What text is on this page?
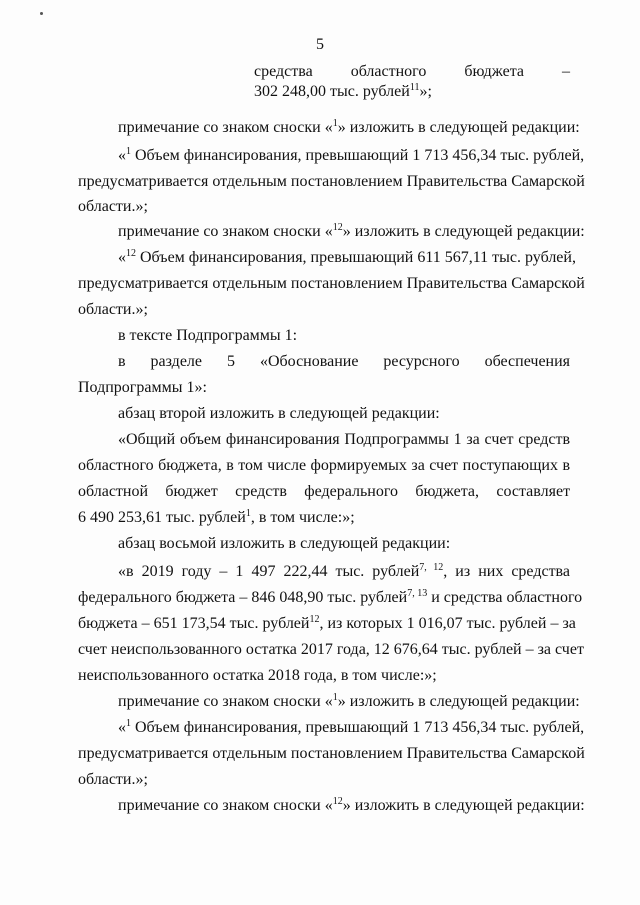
5
средства областного бюджета –
302 248,00 тыс. рублей$^{11}$»;
примечание со знаком сноски «$^1$» изложить в следующей редакции:
«$^1$ Объем финансирования, превышающий 1 713 456,34 тыс. рублей,
предусматривается отдельным постановлением Правительства Самарской
области.»;
примечание со знаком сноски «$^{12}$» изложить в следующей редакции:
«$^{12}$ Объем финансирования, превышающий 611 567,11 тыс. рублей,
предусматривается отдельным постановлением Правительства Самарской
области.»;
в тексте Подпрограммы 1:
в разделе 5 «Обоснование ресурсного обеспечения
Подпрограммы 1»:
абзац второй изложить в следующей редакции:
«Общий объем финансирования Подпрограммы 1 за счет средств
областного бюджета, в том числе формируемых за счет поступающих в
областной бюджет средств федерального бюджета, составляет
6 490 253,61 тыс. рублей$^1$, в том числе:»;
абзац восьмой изложить в следующей редакции:
«в 2019 году – 1 497 222,44 тыс. рублей$^{7, 12}$, из них средства
федерального бюджета – 846 048,90 тыс. рублей$^{7, 13}$ и средства областного
бюджета – 651 173,54 тыс. рублей$^{12}$, из которых 1 016,07 тыс. рублей – за
счет неиспользованного остатка 2017 года, 12 676,64 тыс. рублей – за счет
неиспользованного остатка 2018 года, в том числе:»;
примечание со знаком сноски «$^1$» изложить в следующей редакции:
«$^1$ Объем финансирования, превышающий 1 713 456,34 тыс. рублей,
предусматривается отдельным постановлением Правительства Самарской
области.»;
примечание со знаком сноски «$^{12}$» изложить в следующей редакции:
